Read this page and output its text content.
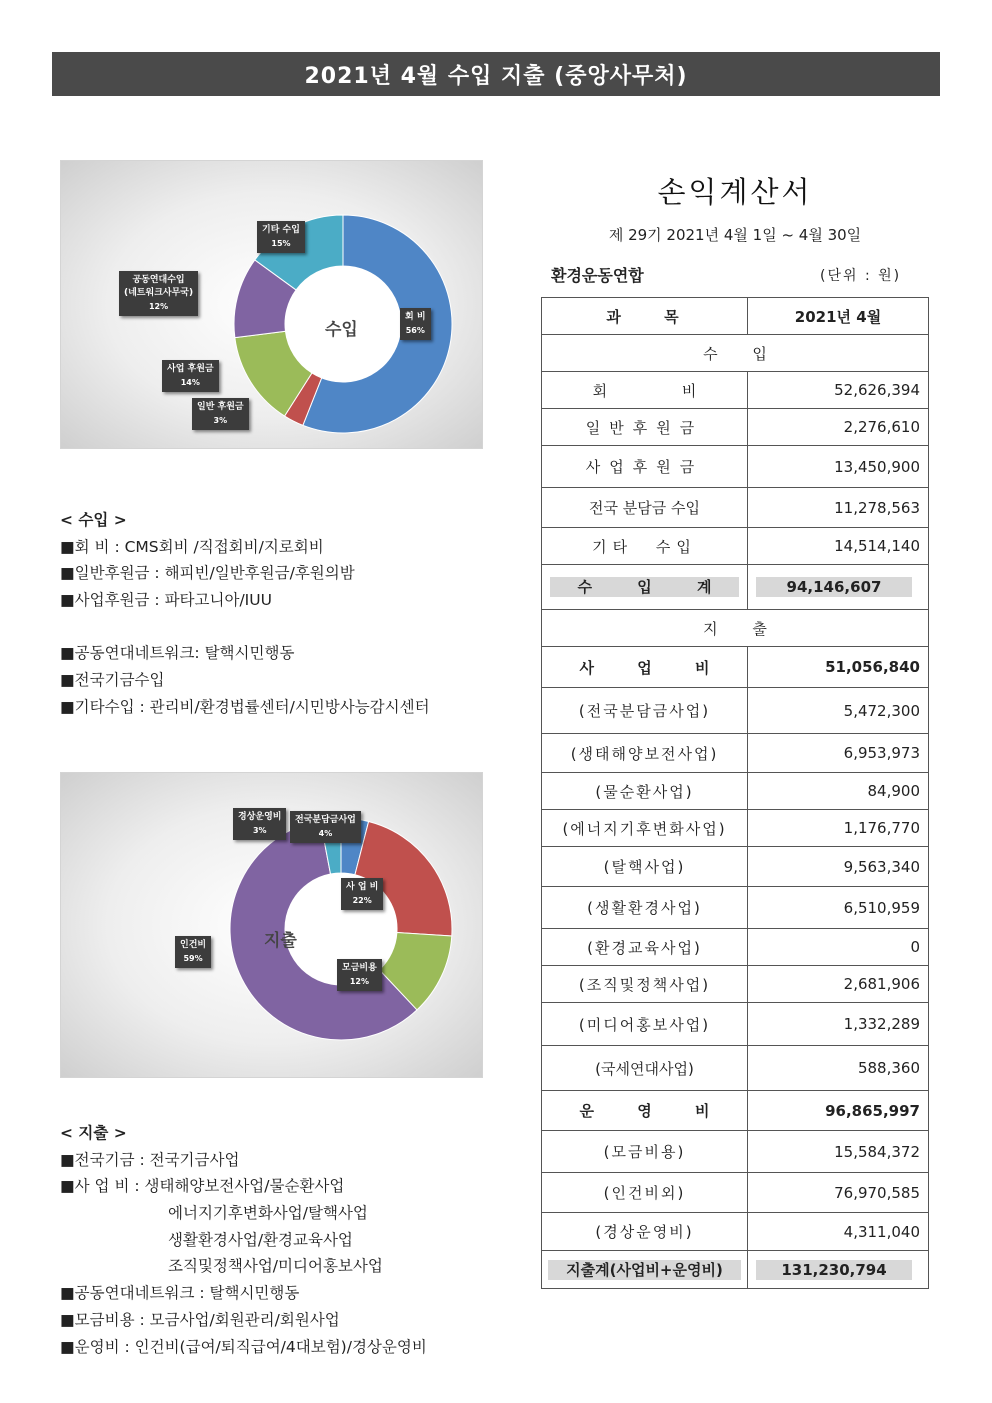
2021년 4월 수입 지출 (중앙사무처)
수입
기타 수입
15%
공동연대수입
(네트워크사무국)
12%
회 비
56%
사업 후원금
14%
일반 후원금
3%
< 수입 >
■회 비 : CMS회비 /직접회비/지로회비
■일반후원금 : 해피빈/일반후원금/후원의밤
■사업후원금 : 파타고니아/IUU
■공동연대네트워크: 탈핵시민행동
■전국기금수입
■기타수입 : 관리비/환경법률센터/시민방사능감시센터
지출
경상운영비
3%
전국분담금사업
4%
사 업 비
22%
인건비
59%
모금비용
12%
< 지출 >
■전국기금 : 전국기금사업
■사 업 비 : 생태해양보전사업/물순환사업
에너지기후변화사업/탈핵사업
생활환경사업/환경교육사업
조직및정책사업/미디어홍보사업
■공동연대네트워크 : 탈핵시민행동
■모금비용 : 모금사업/회원관리/회원사업
■운영비 : 인건비(급여/퇴직급여/4대보험)/경상운영비
손익계산서
제 29기 2021년 4월 1일 ~ 4월 30일
환경운동연합	(단위 : 원)
과 목	2021년 4월
수 입	
회 비	52,626,394
일반후원금	2,276,610
사업후원금	13,450,900
전국 분담금 수입	11,278,563
기타 수입	14,514,140

수 입 계	94,146,607

지 출	
사 업 비	51,056,840
(전국분담금사업)	5,472,300
(생태해양보전사업)	6,953,973
(물순환사업)	84,900
(에너지기후변화사업)	1,176,770
(탈핵사업)	9,563,340
(생활환경사업)	6,510,959
(환경교육사업)	0
(조직및정책사업)	2,681,906
(미디어홍보사업)	1,332,289
(국세연대사업)	588,360
운 영 비	96,865,997
(모금비용)	15,584,372
(인건비외)	76,970,585
(경상운영비)	4,311,040

지출계(사업비+운영비)	131,230,794
